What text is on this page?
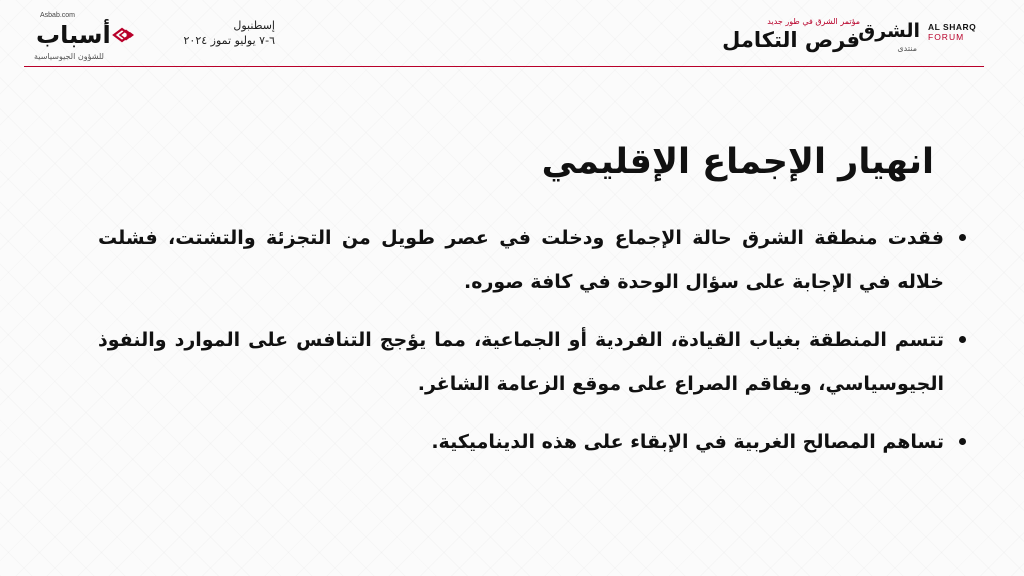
Asbab.com
أسباب
للشؤون الجيوسياسية
إسطنبول
٦-٧ يوليو تموز ٢٠٢٤
مؤتمر الشرق في طور جديد
فرص التكامل
الشرق
منتدى
AL SHARQ
FORUM
انهيار الإجماع الإقليمي
فقدت منطقة الشرق حالة الإجماع ودخلت في عصر طويل من التجزئة والتشتت، فشلت خلاله في الإجابة على سؤال الوحدة في كافة صوره.
تتسم المنطقة بغياب القيادة، الفردية أو الجماعية، مما يؤجج التنافس على الموارد والنفوذ الجيوسياسي، ويفاقم الصراع على موقع الزعامة الشاغر.
تساهم المصالح الغربية في الإبقاء على هذه الديناميكية.
